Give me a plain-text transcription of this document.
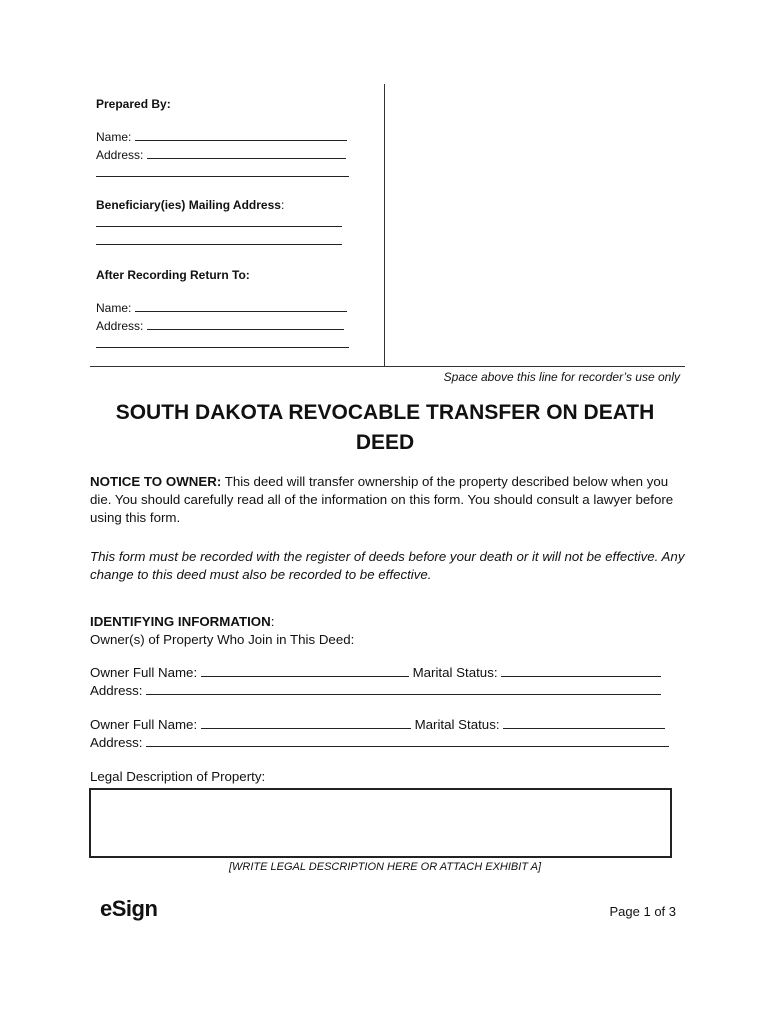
Prepared By:
Name:
Address:
Beneficiary(ies) Mailing Address:
After Recording Return To:
Name:
Address:
Space above this line for recorder’s use only
SOUTH DAKOTA REVOCABLE TRANSFER ON DEATH
DEED
NOTICE TO OWNER: This deed will transfer ownership of the property described below when you die. You should carefully read all of the information on this form. You should consult a lawyer before using this form.
This form must be recorded with the register of deeds before your death or it will not be effective. Any change to this deed must also be recorded to be effective.
IDENTIFYING INFORMATION:
Owner(s) of Property Who Join in This Deed:
Owner Full Name:	Marital Status:
Address:
Owner Full Name:	Marital Status:
Address:
Legal Description of Property:
[WRITE LEGAL DESCRIPTION HERE OR ATTACH EXHIBIT A]
eSign	Page 1 of 3
